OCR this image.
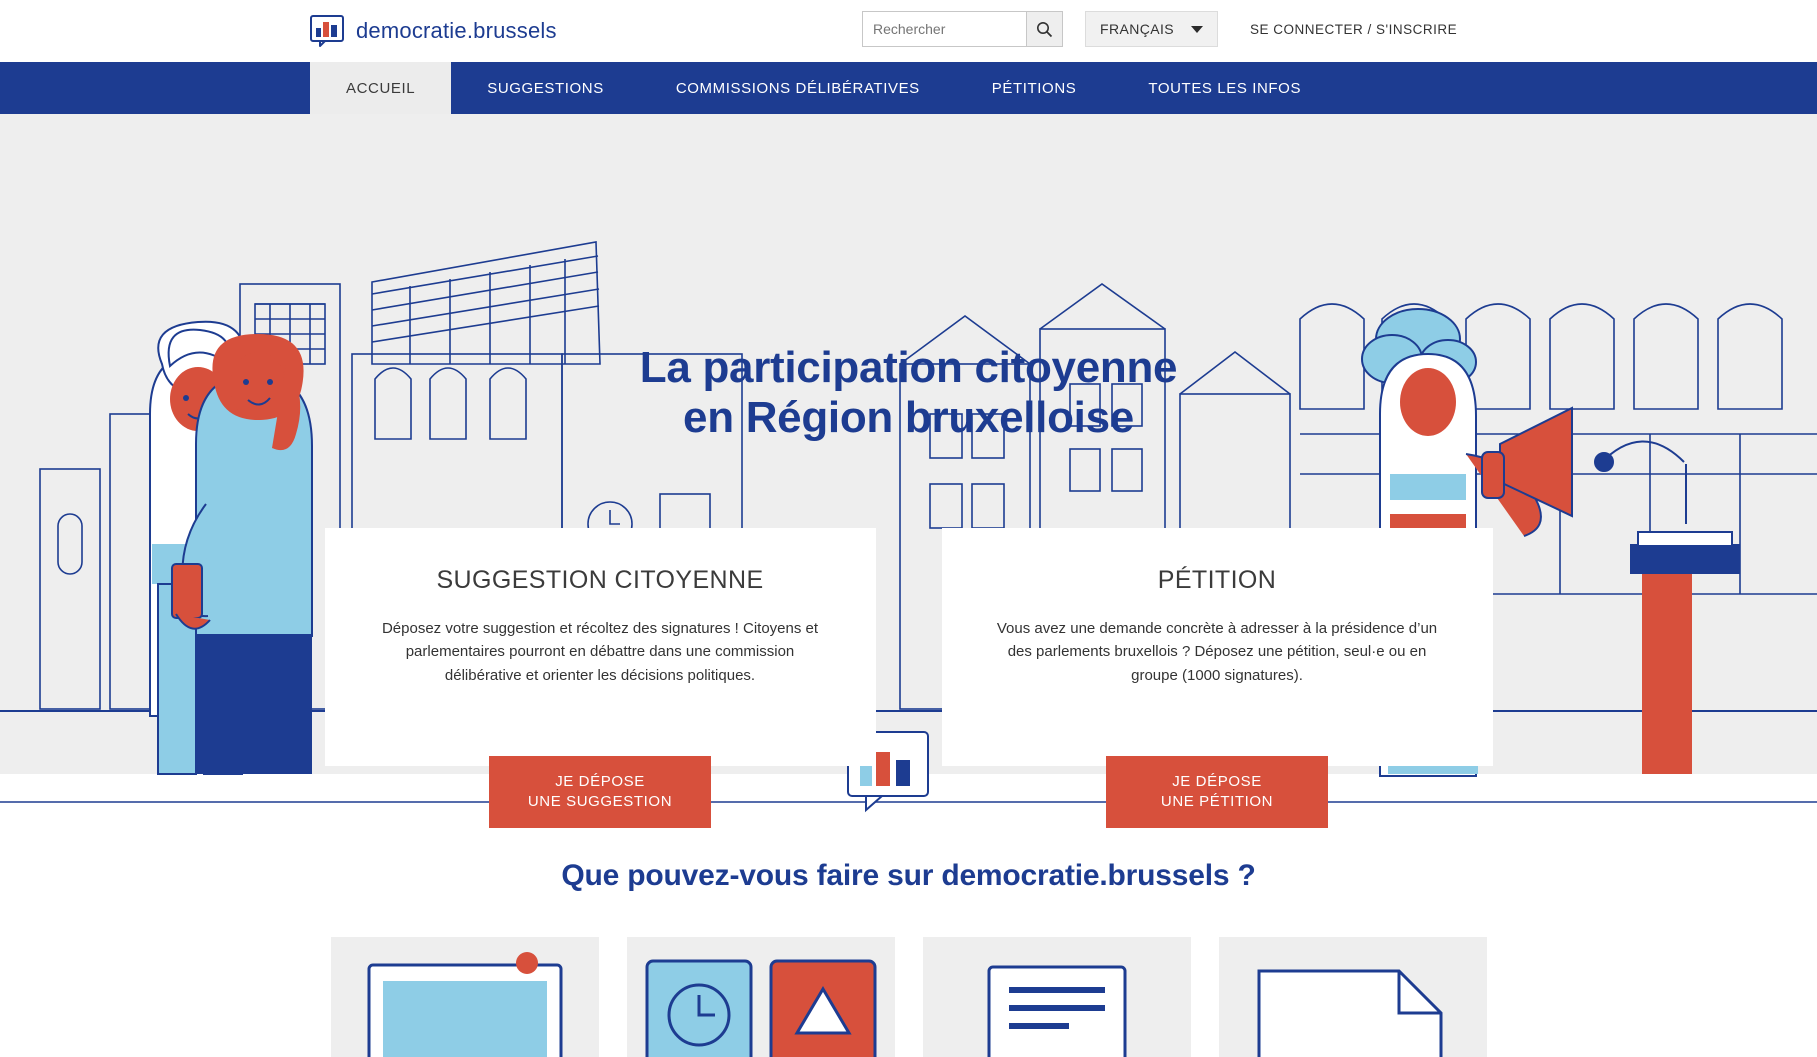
democratie.brussels
Rechercher	FRANÇAIS	SE CONNECTER / S'INSCRIRE
ACCUEIL	SUGGESTIONS	COMMISSIONS DÉLIBÉRATIVES	PÉTITIONS	TOUTES LES INFOS
La participation citoyenne
en Région bruxelloise
SUGGESTION CITOYENNE
Déposez votre suggestion et récoltez des signatures ! Citoyens et parlementaires pourront en débattre dans une commission délibérative et orienter les décisions politiques.
JE DÉPOSE
UNE SUGGESTION
PÉTITION
Vous avez une demande concrète à adresser à la présidence d’un des parlements bruxellois ? Déposez une pétition, seul·e ou en groupe (1000 signatures).
JE DÉPOSE
UNE PÉTITION
Que pouvez-vous faire sur democratie.brussels ?
